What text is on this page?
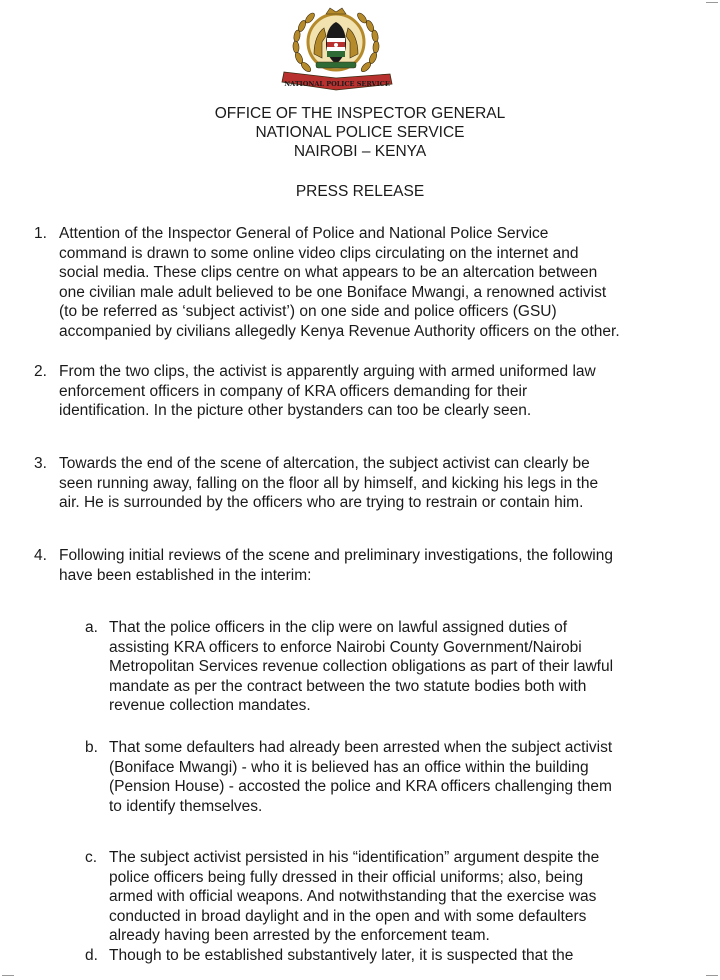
NATIONAL POLICE SERVICE
OFFICE OF THE INSPECTOR GENERAL
NATIONAL POLICE SERVICE
NAIROBI – KENYA
PRESS RELEASE
1. Attention of the Inspector General of Police and National Police Service
command is drawn to some online video clips circulating on the internet and
social media. These clips centre on what appears to be an altercation between
one civilian male adult believed to be one Boniface Mwangi, a renowned activist
(to be referred as ‘subject activist’) on one side and police officers (GSU)
accompanied by civilians allegedly Kenya Revenue Authority officers on the other.
2. From the two clips, the activist is apparently arguing with armed uniformed law
enforcement officers in company of KRA officers demanding for their
identification. In the picture other bystanders can too be clearly seen.
3. Towards the end of the scene of altercation, the subject activist can clearly be
seen running away, falling on the floor all by himself, and kicking his legs in the
air. He is surrounded by the officers who are trying to restrain or contain him.
4. Following initial reviews of the scene and preliminary investigations, the following
have been established in the interim:
a. That the police officers in the clip were on lawful assigned duties of
assisting KRA officers to enforce Nairobi County Government/Nairobi
Metropolitan Services revenue collection obligations as part of their lawful
mandate as per the contract between the two statute bodies both with
revenue collection mandates.
b. That some defaulters had already been arrested when the subject activist
(Boniface Mwangi) - who it is believed has an office within the building
(Pension House) - accosted the police and KRA officers challenging them
to identify themselves.
c. The subject activist persisted in his “identification” argument despite the
police officers being fully dressed in their official uniforms; also, being
armed with official weapons. And notwithstanding that the exercise was
conducted in broad daylight and in the open and with some defaulters
already having been arrested by the enforcement team.
d. Though to be established substantively later, it is suspected that the
